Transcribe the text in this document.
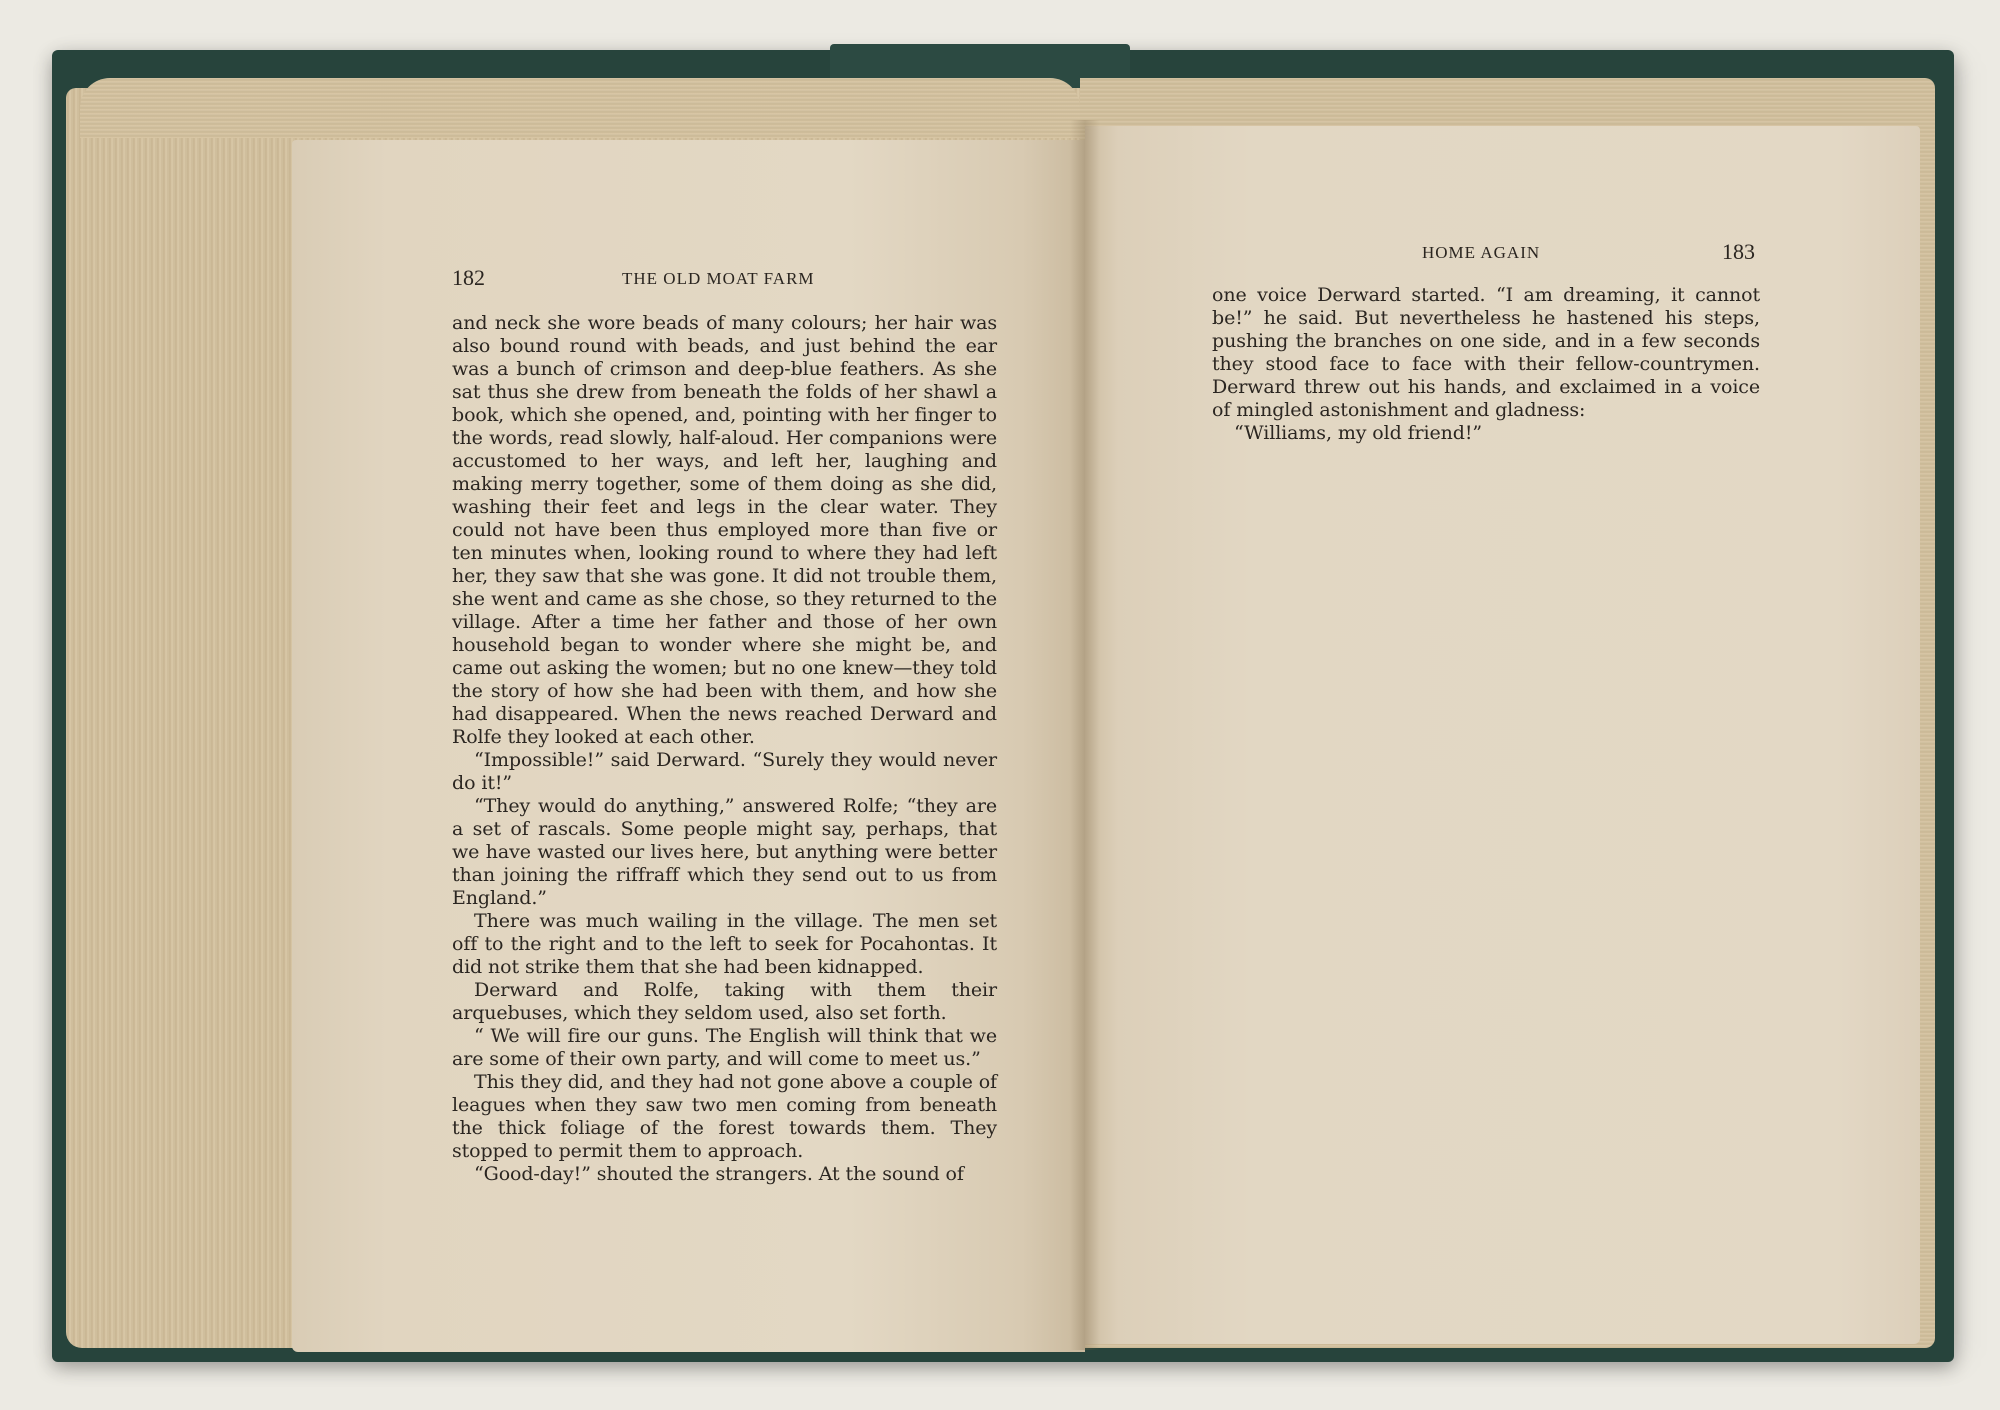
182	THE OLD MOAT FARM

and neck she wore beads of many colours; her hair was also bound round with beads, and just behind the ear was a bunch of crimson and deep-blue feathers. As she sat thus she drew from beneath the folds of her shawl a book, which she opened, and, pointing with her finger to the words, read slowly, half-aloud. Her companions were accustomed to her ways, and left her, laughing and making merry together, some of them doing as she did, washing their feet and legs in the clear water. They could not have been thus employed more than five or ten minutes when, looking round to where they had left her, they saw that she was gone. It did not trouble them, she went and came as she chose, so they returned to the village. After a time her father and those of her own household began to wonder where she might be, and came out asking the women; but no one knew—they told the story of how she had been with them, and how she had disappeared. When the news reached Derward and Rolfe they looked at each other.

“Impossible!” said Derward. “Surely they would never do it!”

“They would do anything,” answered Rolfe; “they are a set of rascals. Some people might say, perhaps, that we have wasted our lives here, but anything were better than joining the riffraff which they send out to us from England.”

There was much wailing in the village. The men set off to the right and to the left to seek for Pocahontas. It did not strike them that she had been kidnapped.

Derward and Rolfe, taking with them their arquebuses, which they seldom used, also set forth.

“ We will fire our guns. The English will think that we are some of their own party, and will come to meet us.”

This they did, and they had not gone above a couple of leagues when they saw two men coming from beneath the thick foliage of the forest towards them. They stopped to permit them to approach.

“Good-day!” shouted the strangers. At the sound of

HOME AGAIN	183

one voice Derward started. “I am dreaming, it cannot be!” he said. But nevertheless he hastened his steps, pushing the branches on one side, and in a few seconds they stood face to face with their fellow-countrymen. Derward threw out his hands, and exclaimed in a voice of mingled astonishment and gladness:

“Williams, my old friend!”
